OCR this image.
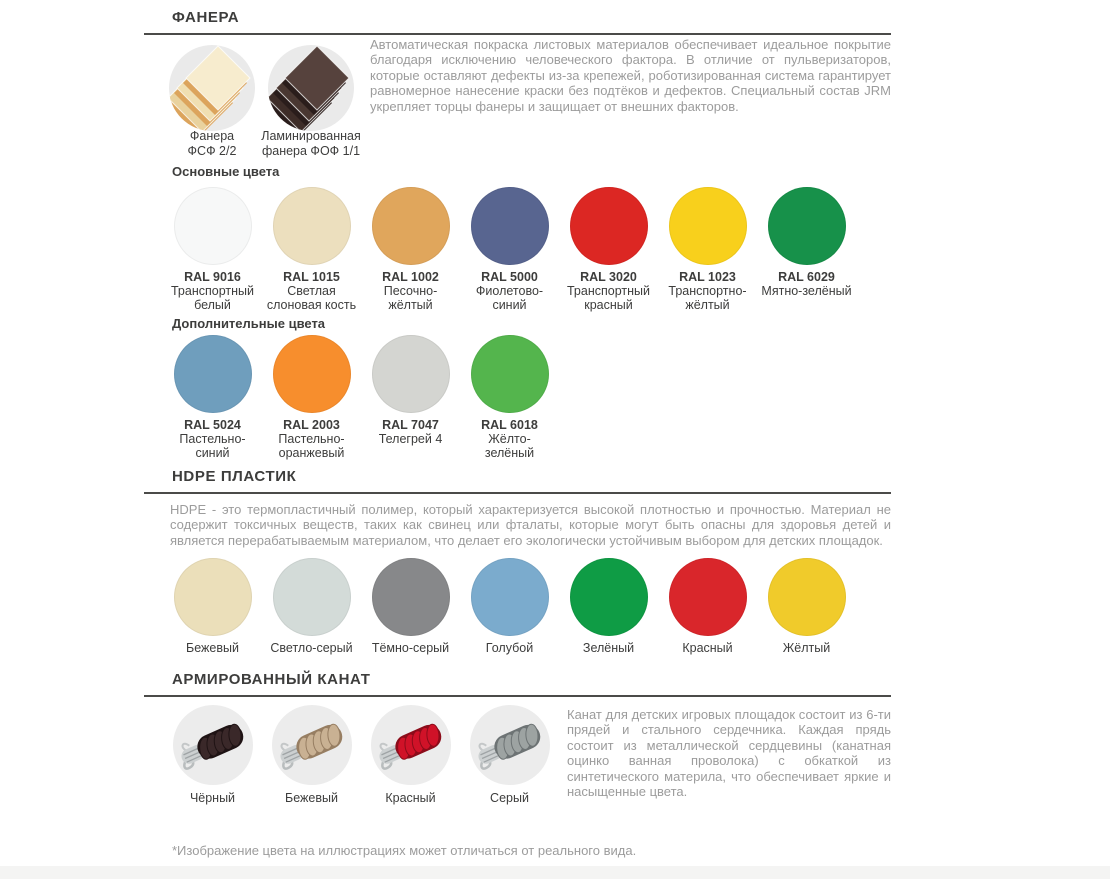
ФАНЕРА
Фанера
ФСФ 2/2
Ламинированная
фанера ФОФ 1/1
Автоматическая покраска листовых материалов обеспечивает идеальное покрытие благодаря исключению человеческого фактора. В отличие от пульверизаторов, которые оставляют дефекты из-за крепежей, роботизированная система гарантирует равномерное нанесение краски без подтёков и дефектов. Специальный состав JRM укрепляет торцы фанеры и защищает от внешних факторов.
Основные цвета
RAL 9016
Транспортный
белый
RAL 1015
Светлая
слоновая кость
RAL 1002
Песочно-
жёлтый
RAL 5000
Фиолетово-
синий
RAL 3020
Транспортный
красный
RAL 1023
Транспортно-
жёлтый
RAL 6029
Мятно-зелёный

Дополнительные цвета
RAL 5024
Пастельно-
синий
RAL 2003
Пастельно-
оранжевый
RAL 7047
Телегрей 4

RAL 6018
Жёлто-
зелёный
HDPE ПЛАСТИК
HDPE - это термопластичный полимер, который характеризуется высокой плотностью и прочностью. Материал не содержит токсичных веществ, таких как свинец или фталаты, которые могут быть опасны для здоровья детей и является перерабатываемым материалом, что делает его экологически устойчивым выбором для детских площадок.
Бежевый	Светло-серый	Тёмно-серый	Голубой	Зелёный	Красный	Жёлтый
АРМИРОВАННЫЙ КАНАТ
Канат для детских игровых площадок состоит из 6-ти прядей и стального сердечника. Каждая прядь состоит из металлической сердцевины (канатная оцинко ванная проволока) с обкаткой из синтетического материла, что обеспечивает яркие и насыщенные цвета.
Чёрный	Бежевый	Красный	Серый
*Изображение цвета на иллюстрациях может отличаться от реального вида.
